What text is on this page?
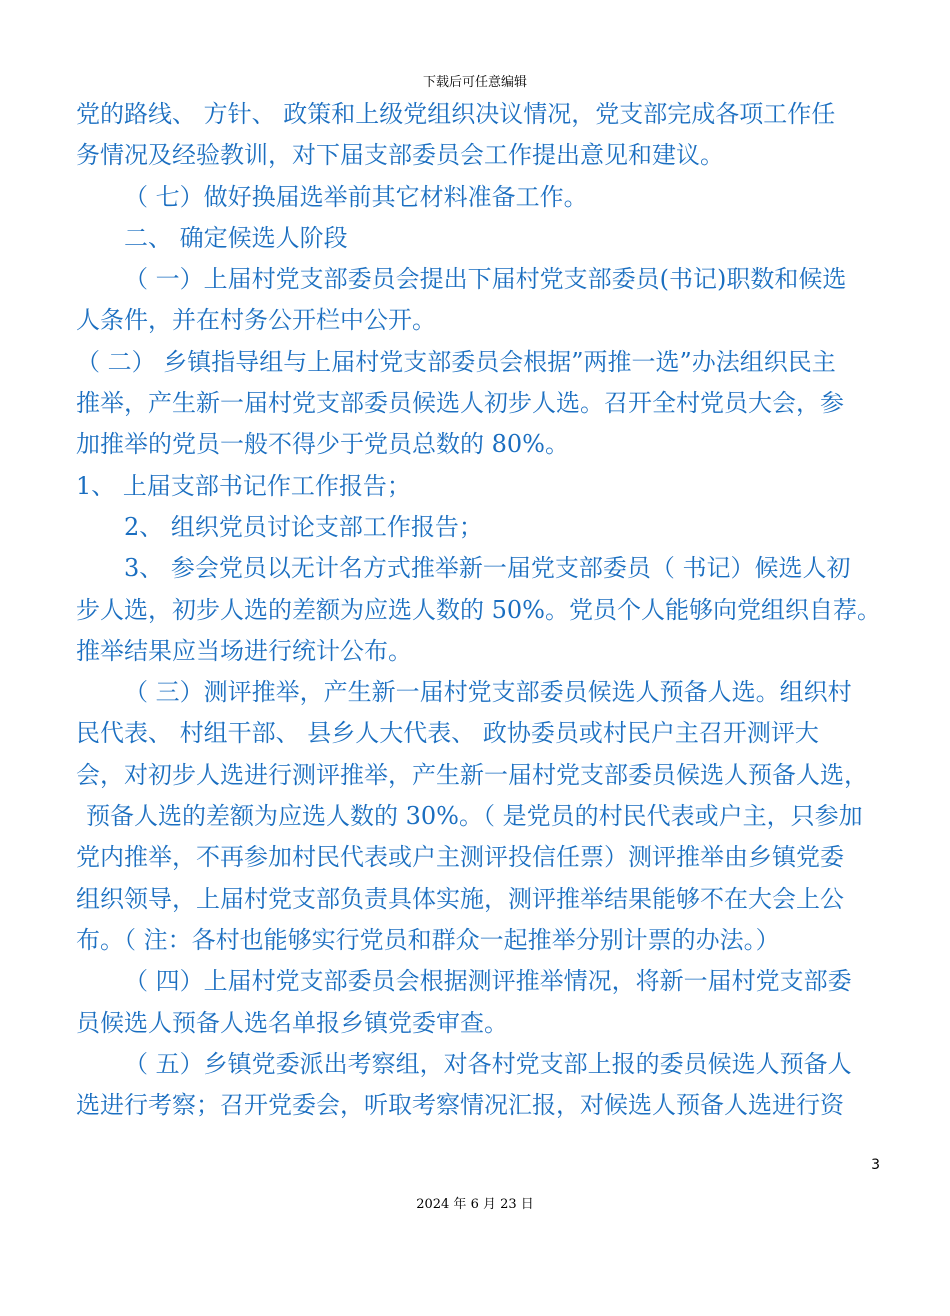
下载后可任意编辑
党的路线、 方针、 政策和上级党组织决议情况，党支部完成各项工作任
务情况及经验教训，对下届支部委员会工作提出意见和建议。
（ 七）做好换届选举前其它材料准备工作。
二、 确定候选人阶段
（ 一）上届村党支部委员会提出下届村党支部委员(书记)职数和候选
人条件，并在村务公开栏中公开。
（ 二） 乡镇指导组与上届村党支部委员会根据”两推一选”办法组织民主
推举，产生新一届村党支部委员候选人初步人选。召开全村党员大会，参
加推举的党员一般不得少于党员总数的 80%。
1、 上届支部书记作工作报告；
2、 组织党员讨论支部工作报告；
3、 参会党员以无计名方式推举新一届党支部委员（ 书记）候选人初
步人选，初步人选的差额为应选人数的 50%。党员个人能够向党组织自荐。
推举结果应当场进行统计公布。
（ 三）测评推举，产生新一届村党支部委员候选人预备人选。组织村
民代表、 村组干部、 县乡人大代表、 政协委员或村民户主召开测评大
会，对初步人选进行测评推举，产生新一届村党支部委员候选人预备人选，
预备人选的差额为应选人数的 30%。（ 是党员的村民代表或户主，只参加
党内推举，不再参加村民代表或户主测评投信任票）测评推举由乡镇党委
组织领导，上届村党支部负责具体实施，测评推举结果能够不在大会上公
布。（ 注：各村也能够实行党员和群众一起推举分别计票的办法。）
（ 四）上届村党支部委员会根据测评推举情况，将新一届村党支部委
员候选人预备人选名单报乡镇党委审查。
（ 五）乡镇党委派出考察组，对各村党支部上报的委员候选人预备人
选进行考察；召开党委会，听取考察情况汇报，对候选人预备人选进行资
3
2024 年 6 月 23 日
